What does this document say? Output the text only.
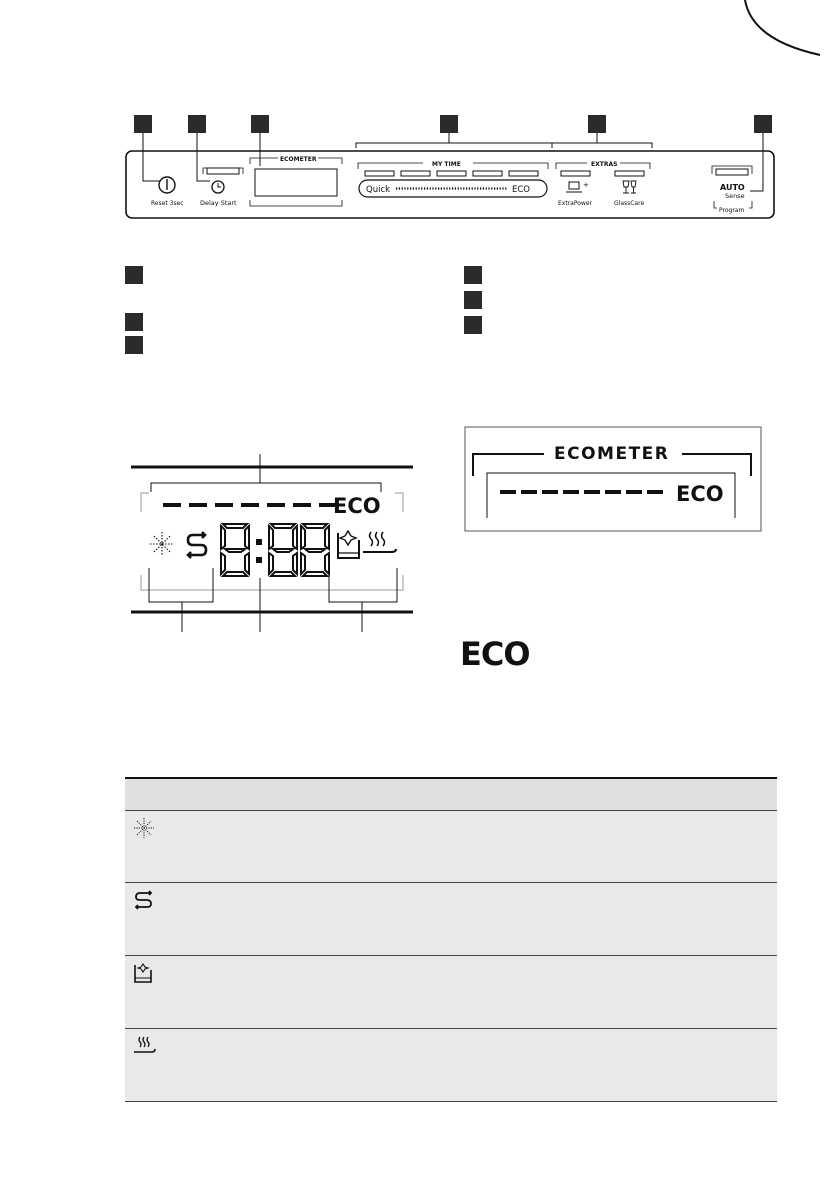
Reset 3sec	Delay Start
ECOMETER
MY TIME
Quick	ECO
EXTRAS
+
ExtraPower	GlassCare
AUTO
Sense
Program
ECO
ECOMETER
ECO
ECO
